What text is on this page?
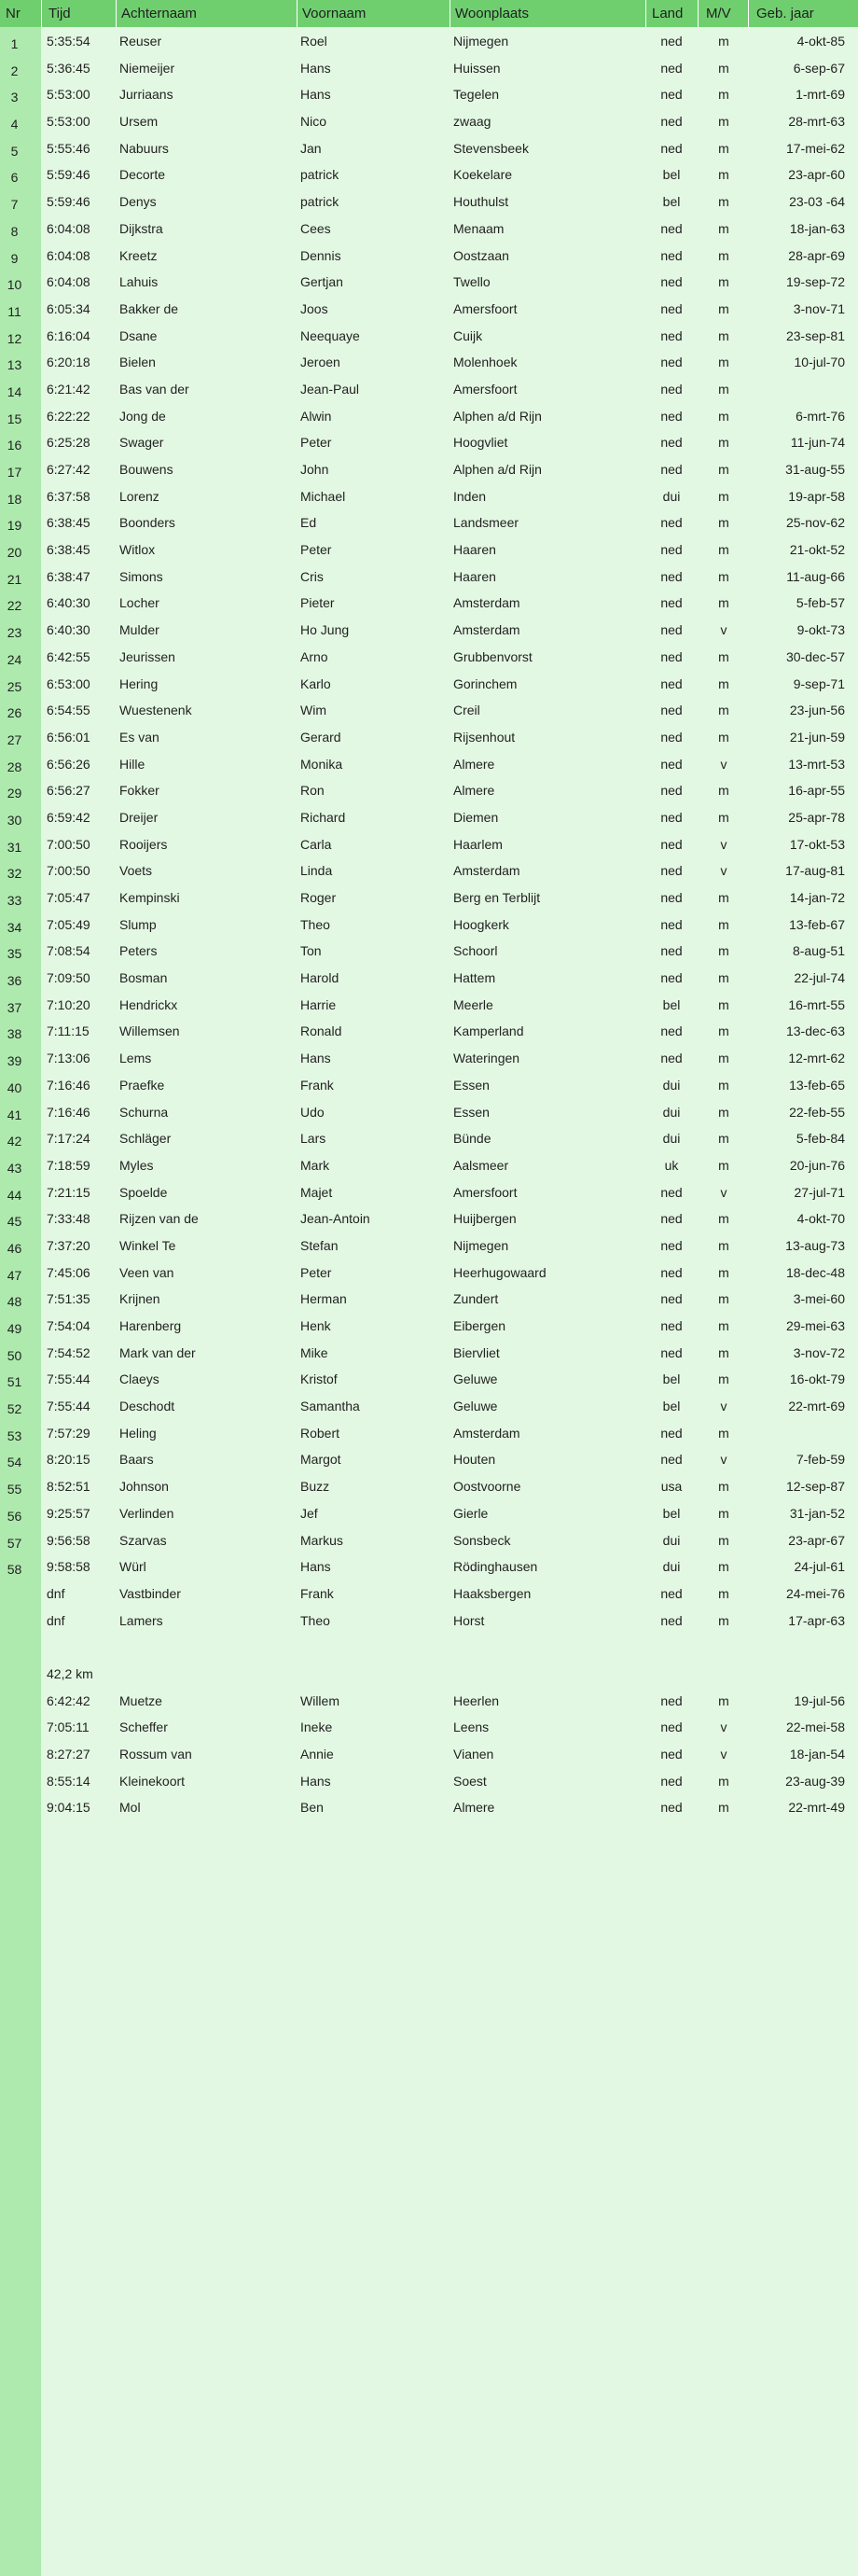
Nr Tijd	Achternaam	Voornaam	Woonplaats	Land M/V Geb. jaar
1	5:35:54 Reuser	Roel	Nijmegen	ned	m	4-okt-85
2	5:36:45 Niemeijer	Hans	Huissen	ned	m	6-sep-67
3	5:53:00 Jurriaans	Hans	Tegelen	ned	m	1-mrt-69
4	5:53:00 Ursem	Nico	zwaag	ned	m	28-mrt-63
5	5:55:46 Nabuurs	Jan	Stevensbeek	ned	m	17-mei-62
6	5:59:46 Decorte	patrick	Koekelare	bel	m	23-apr-60
7	5:59:46 Denys	patrick	Houthulst	bel	m	23-03 -64
8	6:04:08 Dijkstra	Cees	Menaam	ned	m	18-jan-63
9	6:04:08 Kreetz	Dennis	Oostzaan	ned	m	28-apr-69
10	6:04:08 Lahuis	Gertjan	Twello	ned	m	19-sep-72
11	6:05:34 Bakker de	Joos	Amersfoort	ned	m	3-nov-71
12	6:16:04 Dsane	Neequaye	Cuijk	ned	m	23-sep-81
13	6:20:18 Bielen	Jeroen	Molenhoek	ned	m	10-jul-70
14	6:21:42 Bas van der	Jean-Paul	Amersfoort	ned	m
15	6:22:22 Jong de	Alwin	Alphen a/d Rijn	ned	m	6-mrt-76
16	6:25:28 Swager	Peter	Hoogvliet	ned	m	11-jun-74
17	6:27:42 Bouwens	John	Alphen a/d Rijn	ned	m	31-aug-55
18	6:37:58 Lorenz	Michael	Inden	dui	m	19-apr-58
19	6:38:45 Boonders	Ed	Landsmeer	ned	m	25-nov-62
20	6:38:45 Witlox	Peter	Haaren	ned	m	21-okt-52
21	6:38:47 Simons	Cris	Haaren	ned	m	11-aug-66
22	6:40:30 Locher	Pieter	Amsterdam	ned	m	5-feb-57
23	6:40:30 Mulder	Ho Jung	Amsterdam	ned	v	9-okt-73
24	6:42:55 Jeurissen	Arno	Grubbenvorst	ned	m	30-dec-57
25	6:53:00 Hering	Karlo	Gorinchem	ned	m	9-sep-71
26	6:54:55 Wuestenenk	Wim	Creil	ned	m	23-jun-56
27	6:56:01 Es van	Gerard	Rijsenhout	ned	m	21-jun-59
28	6:56:26 Hille	Monika	Almere	ned	v	13-mrt-53
29	6:56:27 Fokker	Ron	Almere	ned	m	16-apr-55
30	6:59:42 Dreijer	Richard	Diemen	ned	m	25-apr-78
31	7:00:50 Rooijers	Carla	Haarlem	ned	v	17-okt-53
32	7:00:50 Voets	Linda	Amsterdam	ned	v	17-aug-81
33	7:05:47 Kempinski	Roger	Berg en Terblijt	ned	m	14-jan-72
34	7:05:49 Slump	Theo	Hoogkerk	ned	m	13-feb-67
35	7:08:54 Peters	Ton	Schoorl	ned	m	8-aug-51
36	7:09:50 Bosman	Harold	Hattem	ned	m	22-jul-74
37	7:10:20 Hendrickx	Harrie	Meerle	bel	m	16-mrt-55
38	7:11:15 Willemsen	Ronald	Kamperland	ned	m	13-dec-63
39	7:13:06 Lems	Hans	Wateringen	ned	m	12-mrt-62
40	7:16:46 Praefke	Frank	Essen	dui	m	13-feb-65
41	7:16:46 Schurna	Udo	Essen	dui	m	22-feb-55
42	7:17:24 Schläger	Lars	Bünde	dui	m	5-feb-84
43	7:18:59 Myles	Mark	Aalsmeer	uk	m	20-jun-76
44	7:21:15 Spoelde	Majet	Amersfoort	ned	v	27-jul-71
45	7:33:48 Rijzen van de	Jean-Antoin	Huijbergen	ned	m	4-okt-70
46	7:37:20 Winkel Te	Stefan	Nijmegen	ned	m	13-aug-73
47	7:45:06 Veen van	Peter	Heerhugowaard	ned	m	18-dec-48
48	7:51:35 Krijnen	Herman	Zundert	ned	m	3-mei-60
49	7:54:04 Harenberg	Henk	Eibergen	ned	m	29-mei-63
50	7:54:52 Mark van der	Mike	Biervliet	ned	m	3-nov-72
51	7:55:44 Claeys	Kristof	Geluwe	bel	m	16-okt-79
52	7:55:44 Deschodt	Samantha	Geluwe	bel	v	22-mrt-69
53	7:57:29 Heling	Robert	Amsterdam	ned	m
54	8:20:15 Baars	Margot	Houten	ned	v	7-feb-59
55	8:52:51 Johnson	Buzz	Oostvoorne	usa	m	12-sep-87
56	9:25:57 Verlinden	Jef	Gierle	bel	m	31-jan-52
57	9:56:58 Szarvas	Markus	Sonsbeck	dui	m	23-apr-67
58	9:58:58 Würl	Hans	Rödinghausen	dui	m	24-jul-61
dnf	Vastbinder	Frank	Haaksbergen	ned	m	24-mei-76
dnf	Lamers	Theo	Horst	ned	m	17-apr-63
42,2 km
6:42:42 Muetze	Willem	Heerlen	ned	m	19-jul-56
7:05:11 Scheffer	Ineke	Leens	ned	v	22-mei-58
8:27:27 Rossum van	Annie	Vianen	ned	v	18-jan-54
8:55:14 Kleinekoort	Hans	Soest	ned	m	23-aug-39
9:04:15 Mol	Ben	Almere	ned	m	22-mrt-49
